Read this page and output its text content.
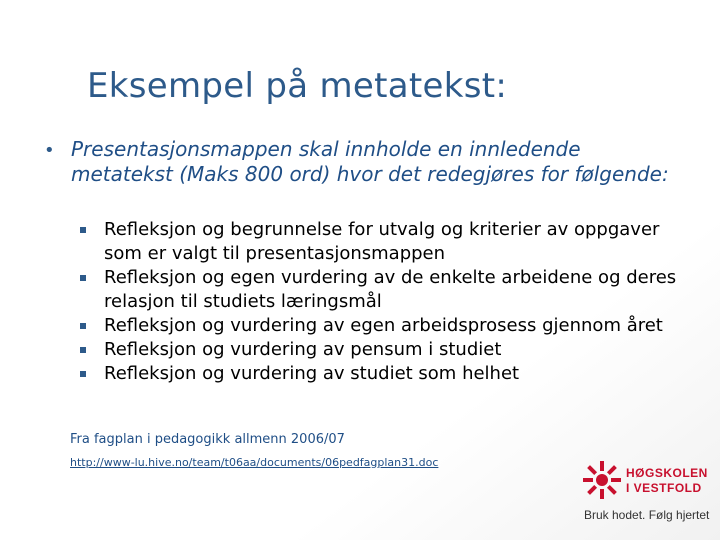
Eksempel på metatekst:
• Presentasjonsmappen skal innholde en innledende metatekst (Maks 800 ord) hvor det redegjøres for følgende:
Refleksjon og begrunnelse for utvalg og kriterier av oppgaver som er valgt til presentasjonsmappen
Refleksjon og egen vurdering av de enkelte arbeidene og deres relasjon til studiets læringsmål
Refleksjon og vurdering av egen arbeidsprosess gjennom året
Refleksjon og vurdering av pensum i studiet
Refleksjon og vurdering av studiet som helhet
Fra fagplan i pedagogikk allmenn 2006/07
http://www-lu.hive.no/team/t06aa/documents/06pedfagplan31.doc
HØGSKOLEN
I VESTFOLD
Bruk hodet. Følg hjertet
